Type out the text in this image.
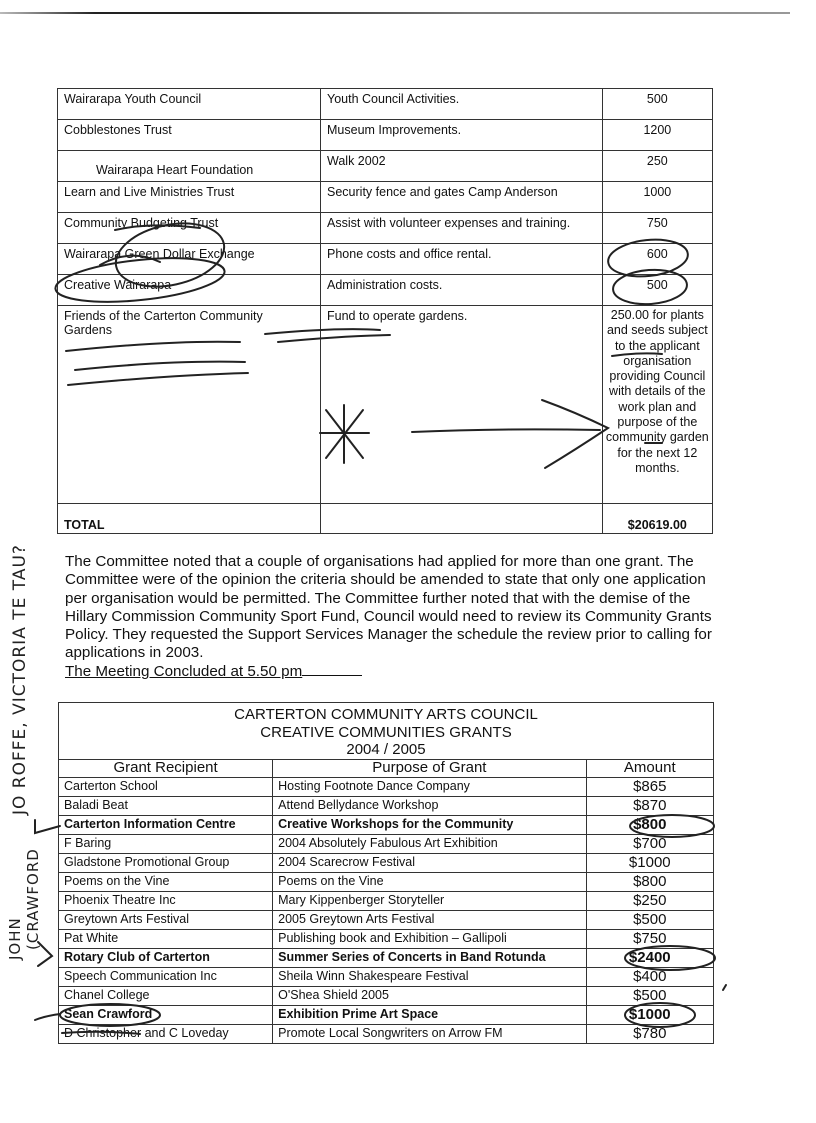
Wairarapa Youth Council	Youth Council Activities.	500
Cobblestones Trust	Museum Improvements.	1200
Wairarapa Heart Foundation	Walk 2002	250
Learn and Live Ministries Trust	Security fence and gates Camp Anderson	1000
Community Budgeting Trust	Assist with volunteer expenses and training.	750
Wairarapa Green Dollar Exchange	Phone costs and office rental.	600
Creative Wairarapa	Administration costs.	500
Friends of the Carterton Community Gardens	Fund to operate gardens.	250.00 for plants and seeds subject to the applicant organisation providing Council with details of the work plan and purpose of the community garden for the next 12 months.
TOTAL		$20619.00

The Committee noted that a couple of organisations had applied for more than one grant. The Committee were of the opinion the criteria should be amended to state that only one application per organisation would be permitted. The Committee further noted that with the demise of the Hillary Commission Community Sport Fund, Council would need to review its Community Grants Policy. They requested the Support Services Manager the schedule the review prior to calling for applications in 2003.

The Meeting Concluded at 5.50 pm

CARTERTON COMMUNITY ARTS COUNCIL
CREATIVE COMMUNITIES GRANTS
2004 / 2005		

Grant Recipient	Purpose of Grant	Amount
Carterton School	Hosting Footnote Dance Company	$865
Baladi Beat	Attend Bellydance Workshop	$870
Carterton Information Centre	Creative Workshops for the Community	$800
F Baring	2004 Absolutely Fabulous Art Exhibition	$700
Gladstone Promotional Group	2004 Scarecrow Festival	$1000
Poems on the Vine	Poems on the Vine	$800
Phoenix Theatre Inc	Mary Kippenberger Storyteller	$250
Greytown Arts Festival	2005 Greytown Arts Festival	$500
Pat White	Publishing book and Exhibition – Gallipoli	$750
Rotary Club of Carterton	Summer Series of Concerts in Band Rotunda	$2400
Speech Communication Inc	Sheila Winn Shakespeare Festival	$400
Chanel College	O'Shea Shield 2005	$500
Sean Crawford	Exhibition Prime Art Space	$1000
D Christopher and C Loveday	Promote Local Songwriters on Arrow FM	$780
JO ROFFE, VICTORIA TE TAU?
JOHN (CRAWFORD
